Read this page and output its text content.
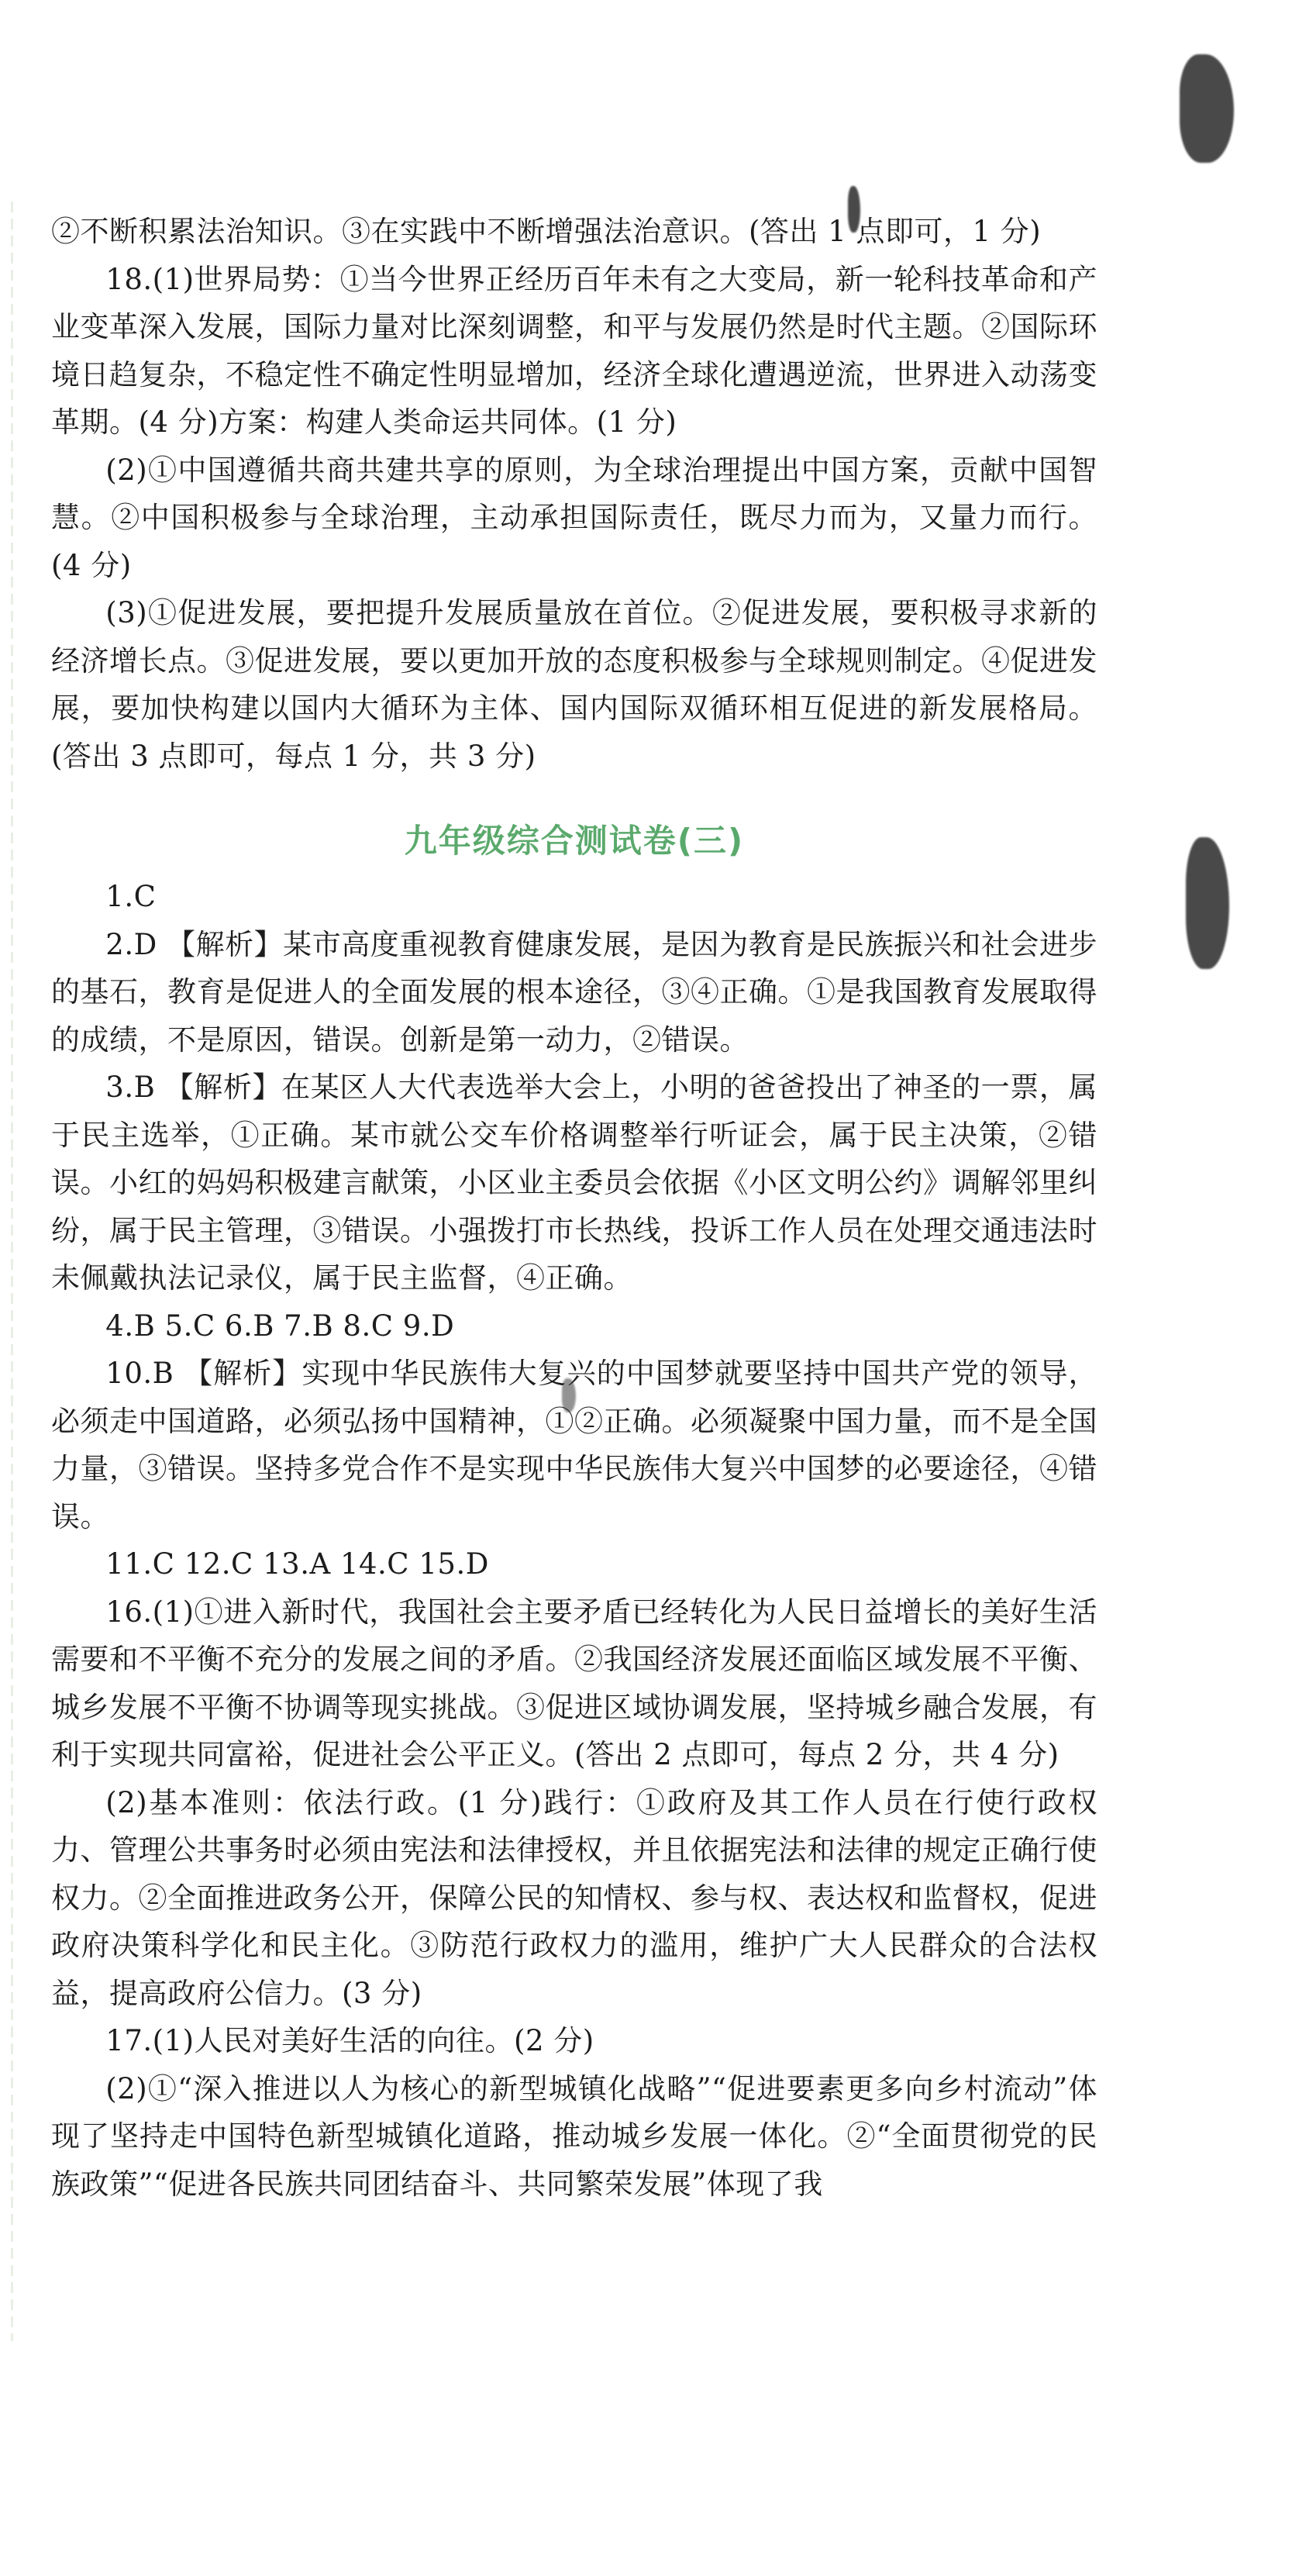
②不断积累法治知识。③在实践中不断增强法治意识。(答出 1 点即可，1 分)

18.(1)世界局势：①当今世界正经历百年未有之大变局，新一轮科技革命和产业变革深入发展，国际力量对比深刻调整，和平与发展仍然是时代主题。②国际环境日趋复杂，不稳定性不确定性明显增加，经济全球化遭遇逆流，世界进入动荡变革期。(4 分)方案：构建人类命运共同体。(1 分)

(2)①中国遵循共商共建共享的原则，为全球治理提出中国方案，贡献中国智慧。②中国积极参与全球治理，主动承担国际责任，既尽力而为，又量力而行。(4 分)

(3)①促进发展，要把提升发展质量放在首位。②促进发展，要积极寻求新的经济增长点。③促进发展，要以更加开放的态度积极参与全球规则制定。④促进发展，要加快构建以国内大循环为主体、国内国际双循环相互促进的新发展格局。(答出 3 点即可，每点 1 分，共 3 分)

九年级综合测试卷(三)

1.C

2.D 【解析】某市高度重视教育健康发展，是因为教育是民族振兴和社会进步的基石，教育是促进人的全面发展的根本途径，③④正确。①是我国教育发展取得的成绩，不是原因，错误。创新是第一动力，②错误。

3.B 【解析】在某区人大代表选举大会上，小明的爸爸投出了神圣的一票，属于民主选举，①正确。某市就公交车价格调整举行听证会，属于民主决策，②错误。小红的妈妈积极建言献策，小区业主委员会依据《小区文明公约》调解邻里纠纷，属于民主管理，③错误。小强拨打市长热线，投诉工作人员在处理交通违法时未佩戴执法记录仪，属于民主监督，④正确。

4.B 5.C 6.B 7.B 8.C 9.D

10.B 【解析】实现中华民族伟大复兴的中国梦就要坚持中国共产党的领导，必须走中国道路，必须弘扬中国精神，①②正确。必须凝聚中国力量，而不是全国力量，③错误。坚持多党合作不是实现中华民族伟大复兴中国梦的必要途径，④错误。

11.C 12.C 13.A 14.C 15.D

16.(1)①进入新时代，我国社会主要矛盾已经转化为人民日益增长的美好生活需要和不平衡不充分的发展之间的矛盾。②我国经济发展还面临区域发展不平衡、城乡发展不平衡不协调等现实挑战。③促进区域协调发展，坚持城乡融合发展，有利于实现共同富裕，促进社会公平正义。(答出 2 点即可，每点 2 分，共 4 分)

(2)基本准则：依法行政。(1 分)践行：①政府及其工作人员在行使行政权力、管理公共事务时必须由宪法和法律授权，并且依据宪法和法律的规定正确行使权力。②全面推进政务公开，保障公民的知情权、参与权、表达权和监督权，促进政府决策科学化和民主化。③防范行政权力的滥用，维护广大人民群众的合法权益，提高政府公信力。(3 分)

17.(1)人民对美好生活的向往。(2 分)

(2)①“深入推进以人为核心的新型城镇化战略”“促进要素更多向乡村流动”体现了坚持走中国特色新型城镇化道路，推动城乡发展一体化。②“全面贯彻党的民族政策”“促进各民族共同团结奋斗、共同繁荣发展”体现了我
